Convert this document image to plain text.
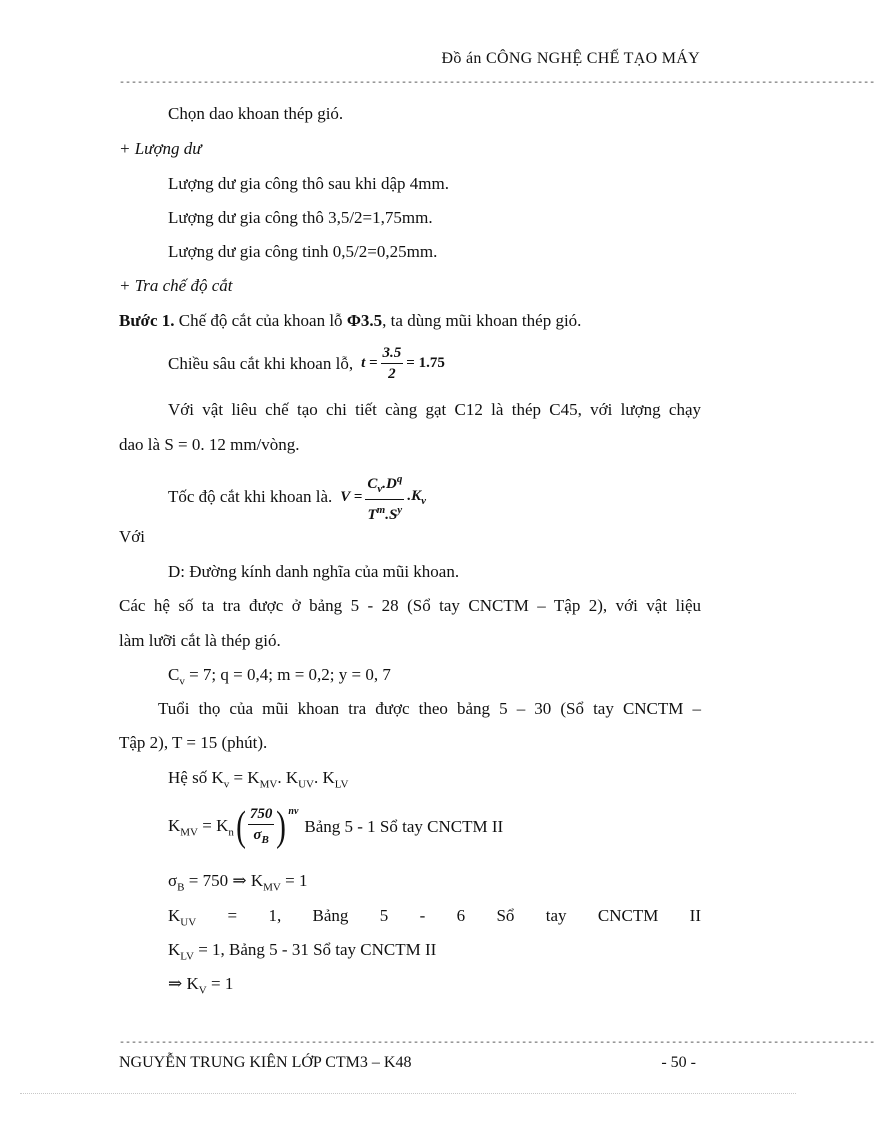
Đồ án CÔNG NGHỆ CHẾ TẠO MÁY
------------------------------------------------------------------------------------------------------------------------------
Chọn dao khoan thép gió.
+ Lượng dư
Lượng dư gia công thô sau khi dập 4mm.
Lượng dư gia công thô 3,5/2=1,75mm.
Lượng dư gia công tinh 0,5/2=0,25mm.
+ Tra chế độ cắt
Bước 1. Chế độ cắt của khoan lỗ Φ3.5, ta dùng mũi khoan thép gió.
Chiều sâu cắt khi khoan lỗ, $t = \frac{3.5}{2} = 1.75$
Với vật liêu chế tạo chi tiết càng gạt C12 là thép C45, với lượng chạy
dao là S = 0. 12 mm/vòng.
Tốc độ cắt khi khoan là. $V = \frac{C_v.D^q}{T^m.S^y} .K_v$
Với
D: Đường kính danh nghĩa của mũi khoan.
Các hệ số ta tra được ở bảng 5 - 28 (Sổ tay CNCTM – Tập 2), với vật liệu
làm lưỡi cắt là thép gió.
$C_v = 7$; q = 0,4; m = 0,2; y = 0, 7
Tuổi thọ của mũi khoan tra được theo bảng 5 – 30 (Sổ tay CNCTM –
Tập 2), T = 15 (phút).
Hệ số $K_v = K_{MV}$. $K_{UV}$. $K_{LV}$
$K_{MV} = K_n$ ( $\frac{750}{\sigma_B} )^{nv}$
Bảng 5 - 1 Sổ tay CNCTM II
$\sigma_B = 750$ ⇒ $K_{MV} = 1$
$K_{UV} = 1$, Bảng 5 - 6 Sổ tay CNCTM II
$K_{LV} = 1$, Bảng 5 - 31 Sổ tay CNCTM II
⇒ $K_V = 1$
------------------------------------------------------------------------------------------------------------------------------
NGUYỄN TRUNG KIÊN LỚP CTM3 – K48	- 50 -
